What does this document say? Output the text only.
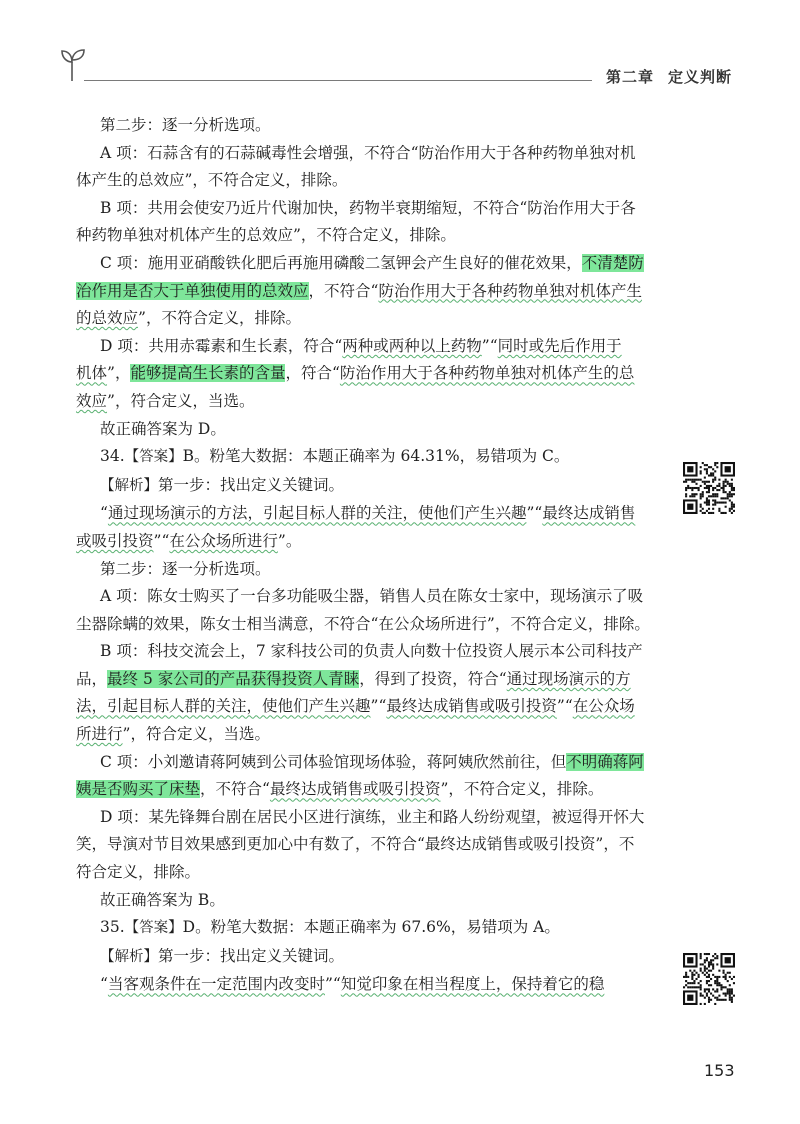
第二章 定义判断

第二步：逐一分析选项。

A 项：石蒜含有的石蒜碱毒性会增强，不符合“防治作用大于各种药物单独对机

体产生的总效应”，不符合定义，排除。

B 项：共用会使安乃近片代谢加快，药物半衰期缩短，不符合“防治作用大于各

种药物单独对机体产生的总效应”，不符合定义，排除。

C 项：施用亚硝酸铁化肥后再施用磷酸二氢钾会产生良好的催花效果，不清楚防

治作用是否大于单独使用的总效应，不符合“防治作用大于各种药物单独对机体产生

的总效应”，不符合定义，排除。

D 项：共用赤霉素和生长素，符合“两种或两种以上药物”“同时或先后作用于

机体”，能够提高生长素的含量，符合“防治作用大于各种药物单独对机体产生的总

效应”，符合定义，当选。

故正确答案为 D。

34.【答案】B。粉笔大数据：本题正确率为 64.31%，易错项为 C。

【解析】第一步：找出定义关键词。

“通过现场演示的方法，引起目标人群的关注，使他们产生兴趣”“最终达成销售

或吸引投资”“在公众场所进行”。

第二步：逐一分析选项。

A 项：陈女士购买了一台多功能吸尘器，销售人员在陈女士家中，现场演示了吸

尘器除螨的效果，陈女士相当满意，不符合“在公众场所进行”，不符合定义，排除。

B 项：科技交流会上，7 家科技公司的负责人向数十位投资人展示本公司科技产

品，最终 5 家公司的产品获得投资人青睐，得到了投资，符合“通过现场演示的方

法，引起目标人群的关注，使他们产生兴趣”“最终达成销售或吸引投资”“在公众场

所进行”，符合定义，当选。

C 项：小刘邀请蒋阿姨到公司体验馆现场体验，蒋阿姨欣然前往，但不明确蒋阿

姨是否购买了床垫，不符合“最终达成销售或吸引投资”，不符合定义，排除。

D 项：某先锋舞台剧在居民小区进行演练，业主和路人纷纷观望，被逗得开怀大

笑，导演对节目效果感到更加心中有数了，不符合“最终达成销售或吸引投资”，不

符合定义，排除。

故正确答案为 B。

35.【答案】D。粉笔大数据：本题正确率为 67.6%，易错项为 A。

【解析】第一步：找出定义关键词。

“当客观条件在一定范围内改变时”“知觉印象在相当程度上，保持着它的稳

153
